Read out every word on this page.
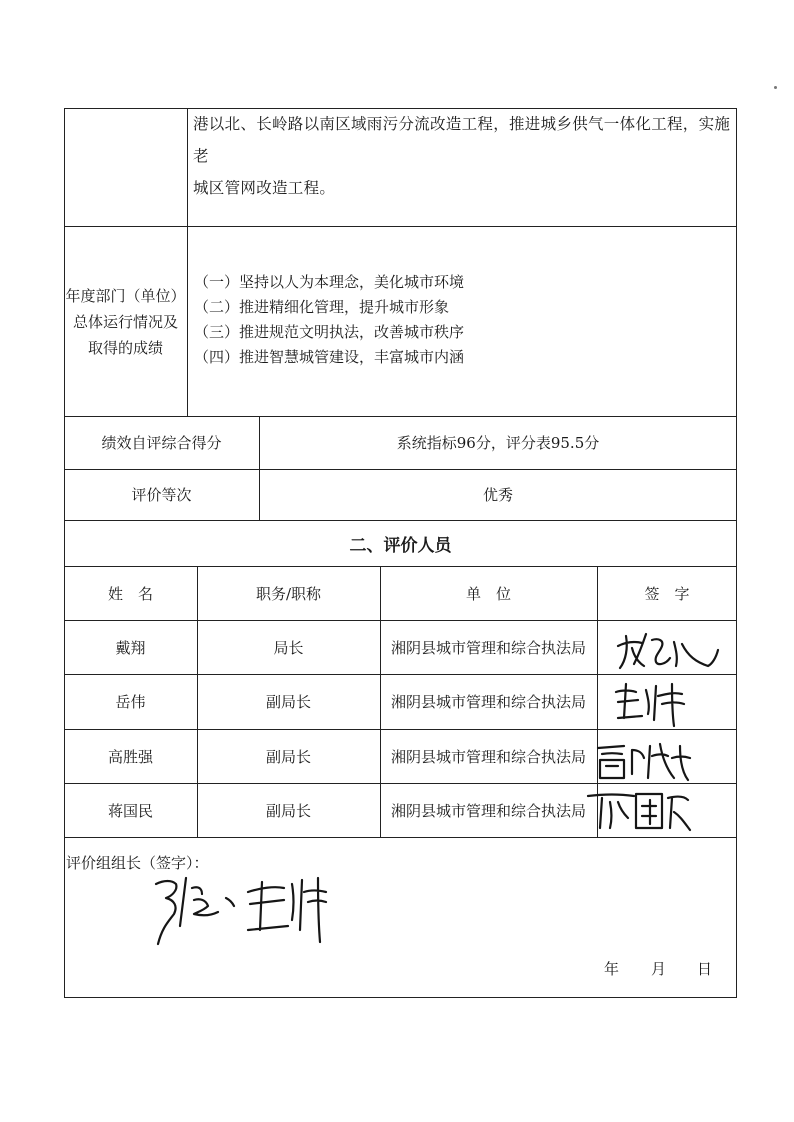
港以北、长岭路以南区域雨污分流改造工程，推进城乡供气一体化工程，实施老
城区管网改造工程。
年度部门（单位）
总体运行情况及
取得的成绩
（一）坚持以人为本理念，美化城市环境
（二）推进精细化管理，提升城市形象
（三）推进规范文明执法，改善城市秩序
（四）推进智慧城管建设，丰富城市内涵
绩效自评综合得分	系统指标96分，评分表95.5分
评价等次	优秀
二、评价人员
姓　名	职务/职称	单　位	签　字
戴翔	局长	湘阴县城市管理和综合执法局
岳伟	副局长	湘阴县城市管理和综合执法局
高胜强	副局长	湘阴县城市管理和综合执法局
蒋国民	副局长	湘阴县城市管理和综合执法局
评价组组长（签字）：
年 月 日
